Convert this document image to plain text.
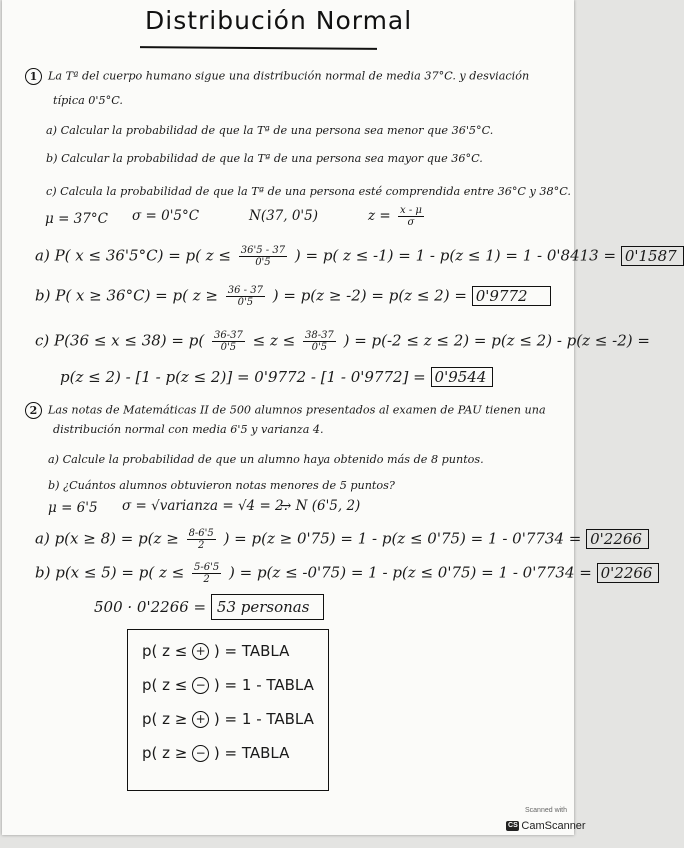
Distribución Normal
1 La Tª del cuerpo humano sigue una distribución normal de media 37°C. y desviación
típica 0'5°C.
a) Calcular la probabilidad de que la Tª de una persona sea menor que 36'5°C.
b) Calcular la probabilidad de que la Tª de una persona sea mayor que 36°C.
c) Calcula la probabilidad de que la Tª de una persona esté comprendida entre 36°C y 38°C.
μ = 37°C σ = 0'5°C	N(37, 0'5)	$z = \frac{x - \mu}{\sigma}$
a) P( x ≤ 36'5°C) = p( $z \le \frac{36'5 - 37}{0'5}$ ) = p( z ≤ -1) = 1 - p(z ≤ 1) = 1 - 0'8413 = 0'1587
b) P( x ≥ 36°C) = p( $z \ge \frac{36 - 37}{0'5}$ ) = p(z ≥ -2) = p(z ≤ 2) = 0'9772
c) $P(36 \le x \le 38) = p( \frac{36-37}{0'5} \le z \le \frac{38-37}{0'5}$ ) = p(-2 ≤ z ≤ 2) = p(z ≤ 2) - p(z ≤ -2) =
p(z ≤ 2) - [1 - p(z ≤ 2)] = 0'9772 - [1 - 0'9772] = 0'9544
2 Las notas de Matemáticas II de 500 alumnos presentados al examen de PAU tienen una
distribución normal con media 6'5 y varianza 4.
a) Calcule la probabilidad de que un alumno haya obtenido más de 8 puntos.
b) ¿Cuántos alumnos obtuvieron notas menores de 5 puntos?
μ = 6'5 σ = √varianza = √4 = 2.
→ N (6'5, 2)
a) $p(x \ge 8) = p(z \ge \frac{8-6'5}{2}$ ) = p(z ≥ 0'75) = 1 - p(z ≤ 0'75) = 1 - 0'7734 = 0'2266
b) p(x ≤ 5) = p( $z \le \frac{5-6'5}{2}$ ) = p(z ≤ -0'75) = 1 - p(z ≤ 0'75) = 1 - 0'7734 = 0'2266
500 · 0'2266 = 53 personas
p( z ≤ + ) = TABLA
p( z ≤ − ) = 1 - TABLA
p( z ≥ + ) = 1 - TABLA
p( z ≥ − ) = TABLA
Scanned with
CS CamScanner
